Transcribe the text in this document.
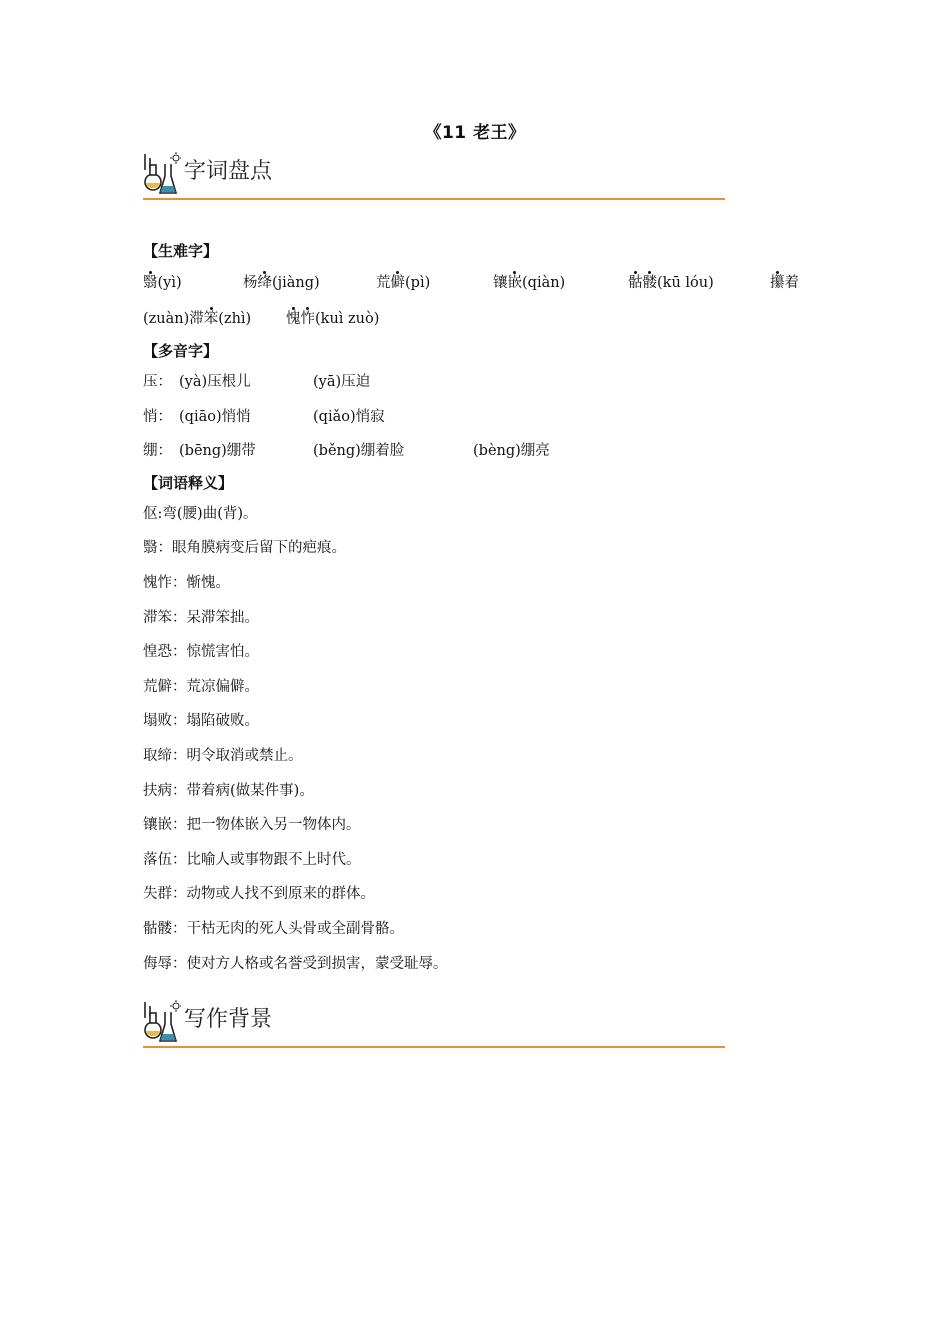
《11 老王》
字词盘点
【生难字】
翳(yì)	杨绛(jiàng)	荒僻(pì)	镶嵌(qiàn)	骷髅(kū lóu)	攥着
(zuàn)滞笨(zhì) 愧怍(kuì zuò)
【多音字】
压： (yà)压根儿	(yā)压迫
悄： (qiāo)悄悄	(qiǎo)悄寂
绷： (bēng)绷带	(běng)绷着脸	(bèng)绷亮
【词语释义】
伛:弯(腰)曲(背)。
翳：眼角膜病变后留下的疤痕。
愧怍：惭愧。
滞笨：呆滞笨拙。
惶恐：惊慌害怕。
荒僻：荒凉偏僻。
塌败：塌陷破败。
取缔：明令取消或禁止。
扶病：带着病(做某件事)。
镶嵌：把一物体嵌入另一物体内。
落伍：比喻人或事物跟不上时代。
失群：动物或人找不到原来的群体。
骷髅：干枯无肉的死人头骨或全副骨骼。
侮辱：使对方人格或名誉受到损害，蒙受耻辱。
写作背景
